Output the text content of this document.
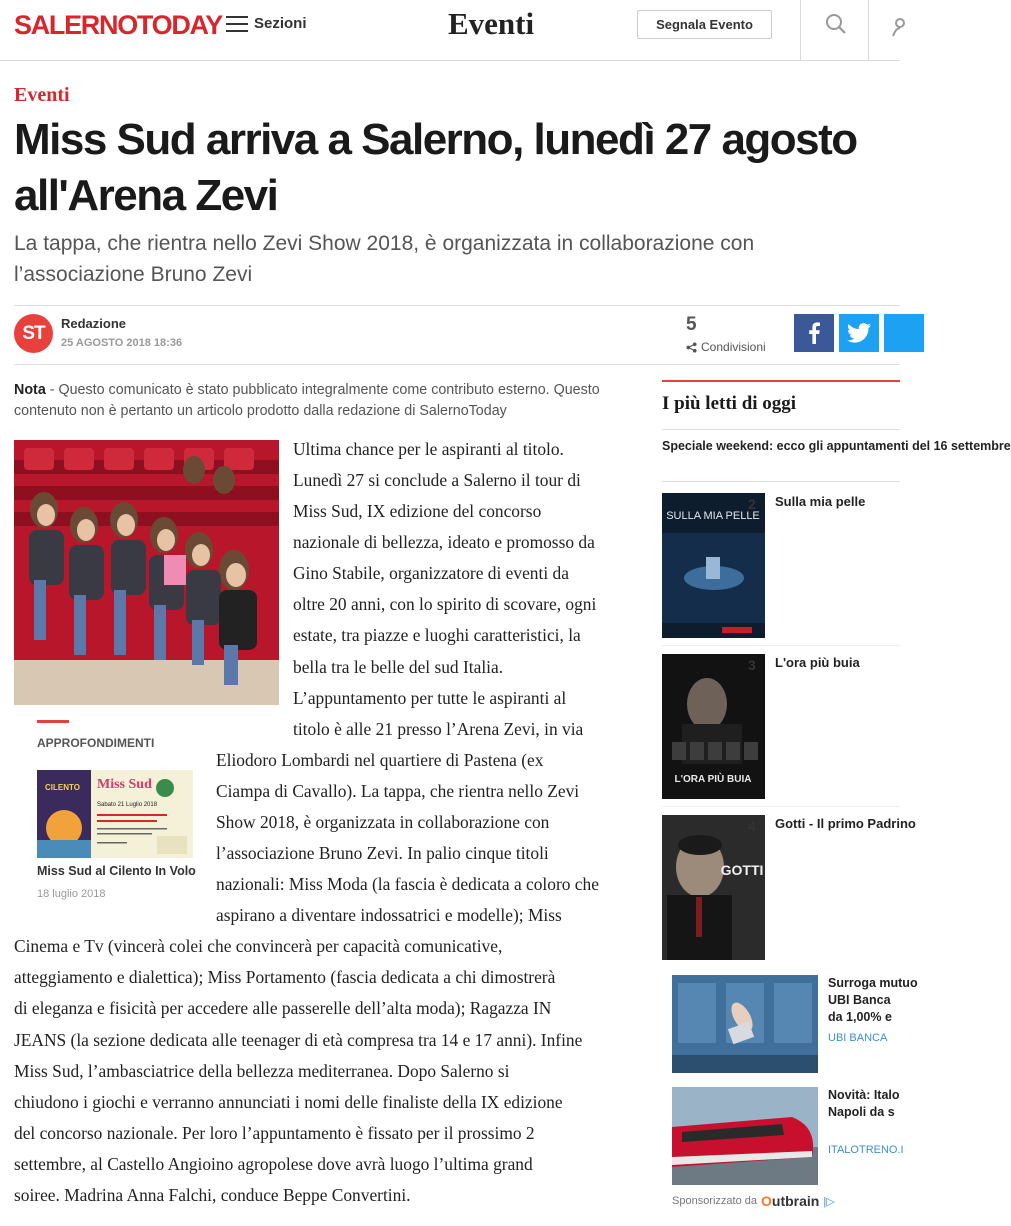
SALERNOTODAY Sezioni	Eventi	Segnala Evento
Eventi
Miss Sud arriva a Salerno, lunedì 27 agosto all'Arena Zevi
La tappa, che rientra nello Zevi Show 2018, è organizzata in collaborazione con l’associazione Bruno Zevi
ST	Redazione
25 AGOSTO 2018 18:36
5
Condivisioni

Nota - Questo comunicato è stato pubblicato integralmente come contributo esterno. Questo contenuto non è pertanto un articolo prodotto dalla redazione di SalernoToday

APPROFONDIMENTI
CILENTO Miss Sud
Sabato 21 Luglio 2018
Miss Sud al Cilento In Volo
18 luglio 2018
Ultima chance per le aspiranti al titolo.
Lunedì 27 si conclude a Salerno il tour di
Miss Sud, IX edizione del concorso
nazionale di bellezza, ideato e promosso da
Gino Stabile, organizzatore di eventi da
oltre 20 anni, con lo spirito di scovare, ogni
estate, tra piazze e luoghi caratteristici, la
bella tra le belle del sud Italia.
L’appuntamento per tutte le aspiranti al
titolo è alle 21 presso l’Arena Zevi, in via
Eliodoro Lombardi nel quartiere di Pastena (ex
Ciampa di Cavallo). La tappa, che rientra nello Zevi
Show 2018, è organizzata in collaborazione con
l’associazione Bruno Zevi. In palio cinque titoli
nazionali: Miss Moda (la fascia è dedicata a coloro che
aspirano a diventare indossatrici e modelle); Miss
Cinema e Tv (vincerà colei che convincerà per capacità comunicative,
atteggiamento e dialettica); Miss Portamento (fascia dedicata a chi dimostrerà
di eleganza e fisicità per accedere alle passerelle dell’alta moda); Ragazza IN
JEANS (la sezione dedicata alle teenager di età compresa tra 14 e 17 anni). Infine
Miss Sud, l’ambasciatrice della bellezza mediterranea. Dopo Salerno si
chiudono i giochi e verranno annunciati i nomi delle finaliste della IX edizione
del concorso nazionale. Per loro l’appuntamento è fissato per il prossimo 2
settembre, al Castello Angioino agropolese dove avrà luogo l’ultima grand
soiree. Madrina Anna Falchi, conduce Beppe Convertini.
I più letti di oggi
Speciale weekend: ecco gli appuntamenti del 16 settembre
SULLA MIA PELLE
2 Sulla mia pelle
L'ORA PIÙ BUIA
3 L'ora più buia
GOTTI
4 Gotti - Il primo Padrino
Surroga mutuo
UBI Banca
da 1,00% e
UBI BANCA
Novità: Italo
Napoli da s
ITALOTRENO.I
Sponsorizzato da Outbrain |▷
